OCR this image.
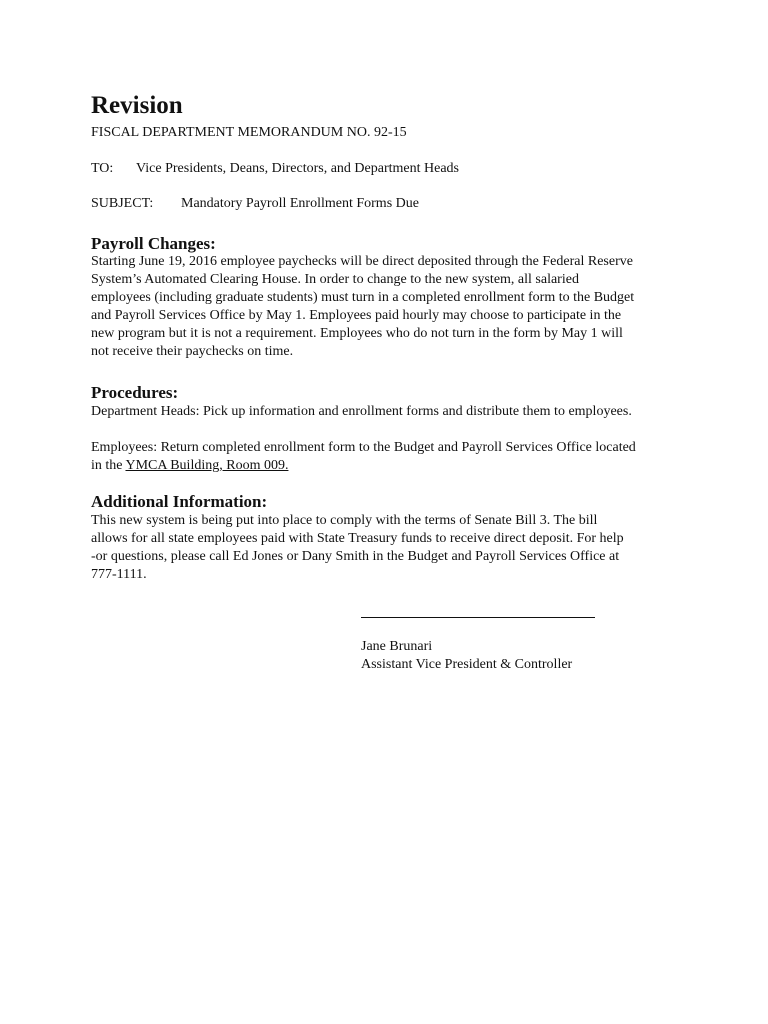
Revision
FISCAL DEPARTMENT MEMORANDUM NO. 92-15
TO: Vice Presidents, Deans, Directors, and Department Heads
SUBJECT: Mandatory Payroll Enrollment Forms Due
Payroll Changes:

Starting June 19, 2016 employee paychecks will be direct deposited through the Federal Reserve
System’s Automated Clearing House. In order to change to the new system, all salaried
employees (including graduate students) must turn in a completed enrollment form to the Budget
and Payroll Services Office by May 1. Employees paid hourly may choose to participate in the
new program but it is not a requirement. Employees who do not turn in the form by May 1 will
not receive their paychecks on time.

Procedures:

Department Heads: Pick up information and enrollment forms and distribute them to employees.

Employees: Return completed enrollment form to the Budget and Payroll Services Office located
in the YMCA Building, Room 009.

Additional Information:

This new system is being put into place to comply with the terms of Senate Bill 3. The bill
allows for all state employees paid with State Treasury funds to receive direct deposit. For help
-or questions, please call Ed Jones or Dany Smith in the Budget and Payroll Services Office at
777-1111.

Jane Brunari
Assistant Vice President & Controller
